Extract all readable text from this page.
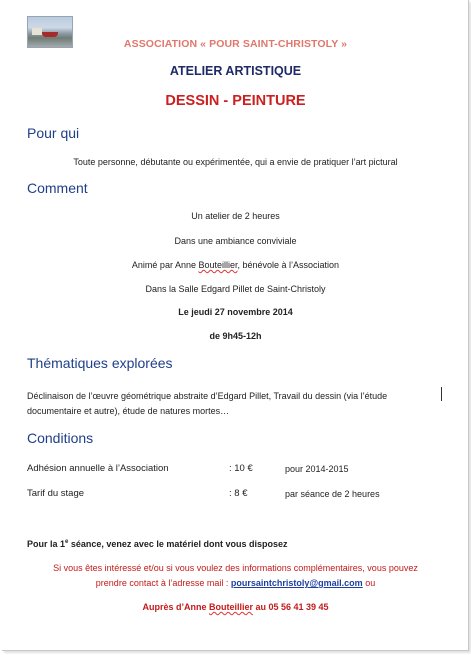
ASSOCIATION « POUR SAINT-CHRISTOLY »
ATELIER ARTISTIQUE
DESSIN - PEINTURE
Pour qui
Toute personne, débutante ou expérimentée, qui a envie de pratiquer l’art pictural
Comment
Un atelier de 2 heures
Dans une ambiance conviviale
Animé par Anne Bouteillier, bénévole à l’Association
Dans la Salle Edgard Pillet de Saint-Christoly
Le jeudi 27 novembre 2014
de 9h45-12h
Thématiques explorées
Déclinaison de l’œuvre géométrique abstraite d’Edgard Pillet, Travail du dessin (via l’étude
documentaire et autre), étude de natures mortes…
Conditions
Adhésion annuelle à l’Association	: 10 €	pour 2014-2015
Tarif du stage	: 8 €	par séance de 2 heures
Pour la 1e séance, venez avec le matériel dont vous disposez
Si vous êtes intéressé et/ou si vous voulez des informations complémentaires, vous pouvez
prendre contact à l’adresse mail : poursaintchristoly@gmail.com ou
Auprès d’Anne Bouteillier au 05 56 41 39 45
